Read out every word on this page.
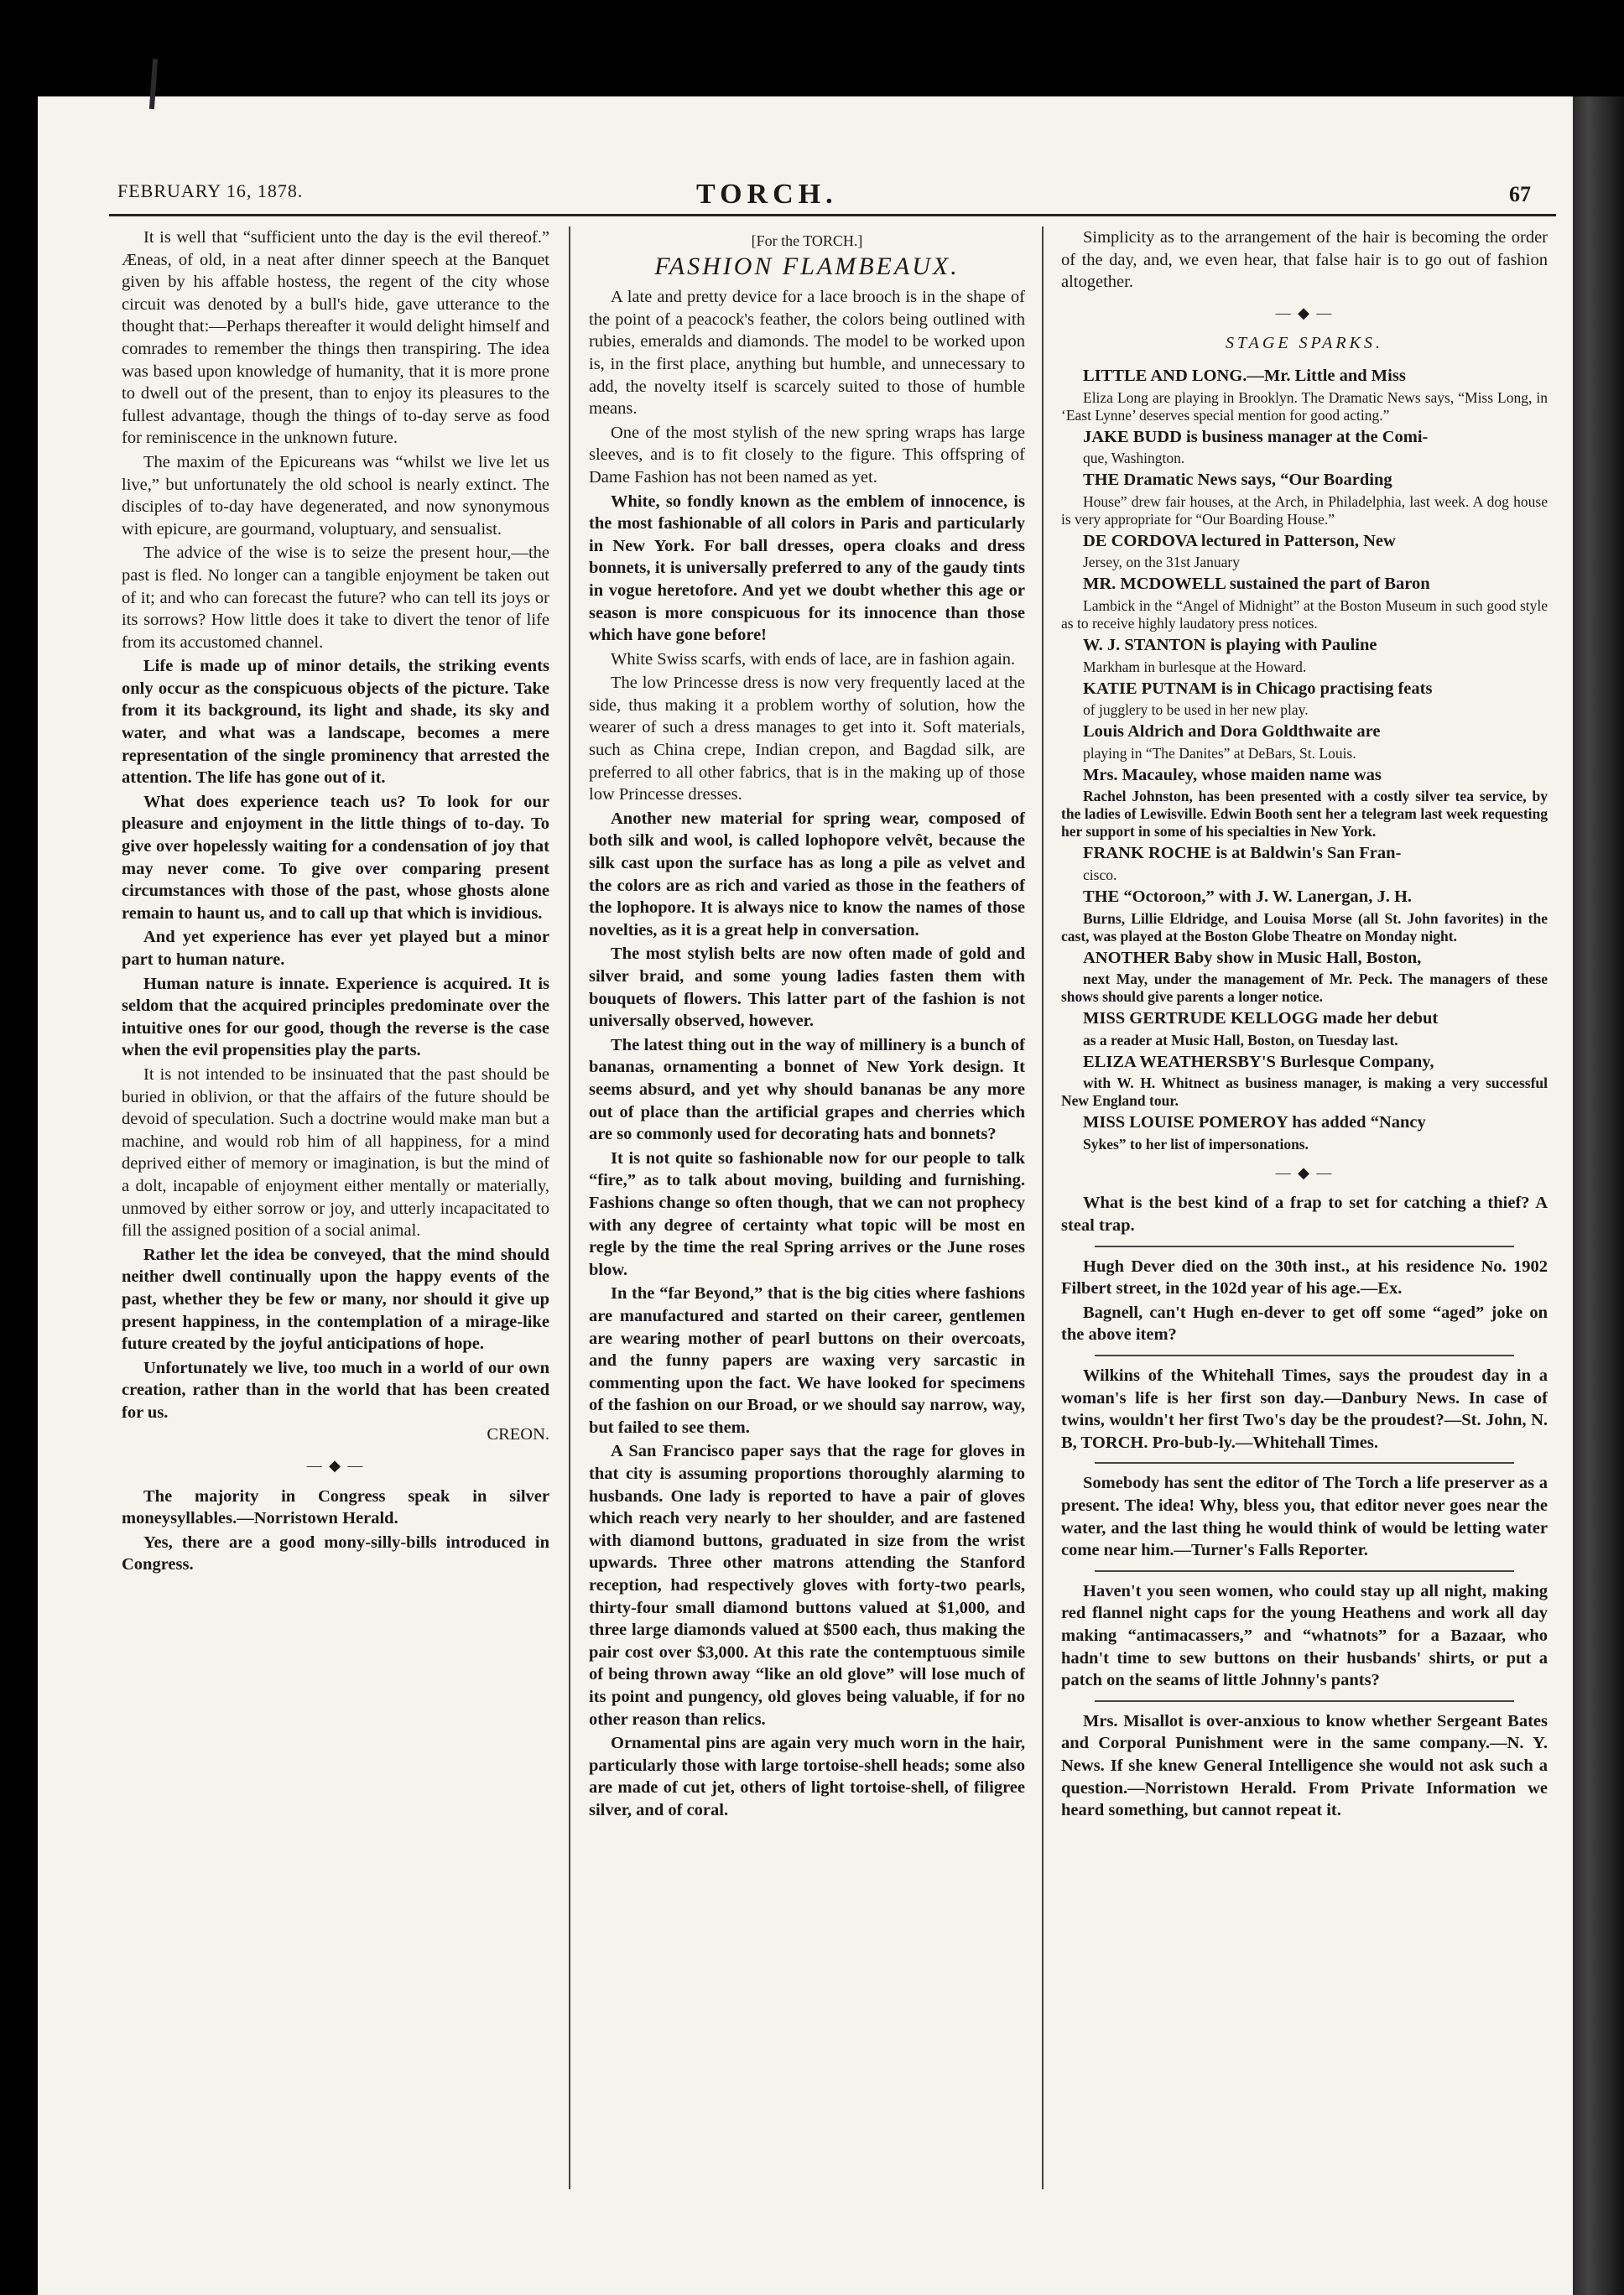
FEBRUARY 16, 1878.	TORCH.	67

It is well that “sufficient unto the day is the evil thereof.” Æneas, of old, in a neat after dinner speech at the Banquet given by his affable hostess, the regent of the city whose circuit was denoted by a bull's hide, gave utterance to the thought that:—Perhaps thereafter it would delight himself and comrades to remember the things then transpiring. The idea was based upon knowledge of humanity, that it is more prone to dwell out of the present, than to enjoy its pleasures to the fullest advantage, though the things of to-day serve as food for reminiscence in the unknown future.

The maxim of the Epicureans was “whilst we live let us live,” but unfortunately the old school is nearly extinct. The disciples of to-day have degenerated, and now synonymous with epicure, are gourmand, voluptuary, and sensualist.

The advice of the wise is to seize the present hour,—the past is fled. No longer can a tangible enjoyment be taken out of it; and who can forecast the future? who can tell its joys or its sorrows? How little does it take to divert the tenor of life from its accustomed channel.

Life is made up of minor details, the striking events only occur as the conspicuous objects of the picture. Take from it its background, its light and shade, its sky and water, and what was a landscape, becomes a mere representation of the single prominency that arrested the attention. The life has gone out of it.

What does experience teach us? To look for our pleasure and enjoyment in the little things of to-day. To give over hopelessly waiting for a condensation of joy that may never come. To give over comparing present circumstances with those of the past, whose ghosts alone remain to haunt us, and to call up that which is invidious.

And yet experience has ever yet played but a minor part to human nature.

Human nature is innate. Experience is acquired. It is seldom that the acquired principles predominate over the intuitive ones for our good, though the reverse is the case when the evil propensities play the parts.

It is not intended to be insinuated that the past should be buried in oblivion, or that the affairs of the future should be devoid of speculation. Such a doctrine would make man but a machine, and would rob him of all happiness, for a mind deprived either of memory or imagination, is but the mind of a dolt, incapable of enjoyment either mentally or materially, unmoved by either sorrow or joy, and utterly incapacitated to fill the assigned position of a social animal.

Rather let the idea be conveyed, that the mind should neither dwell continually upon the happy events of the past, whether they be few or many, nor should it give up present happiness, in the contemplation of a mirage-like future created by the joyful anticipations of hope.

Unfortunately we live, too much in a world of our own creation, rather than in the world that has been created for us.

CREON.
— ◆ —

The majority in Congress speak in silver moneysyllables.—Norristown Herald.

Yes, there are a good mony-silly-bills introduced in Congress.

[For the TORCH.]

FASHION FLAMBEAUX.

A late and pretty device for a lace brooch is in the shape of the point of a peacock's feather, the colors being outlined with rubies, emeralds and diamonds. The model to be worked upon is, in the first place, anything but humble, and unnecessary to add, the novelty itself is scarcely suited to those of humble means.

One of the most stylish of the new spring wraps has large sleeves, and is to fit closely to the figure. This offspring of Dame Fashion has not been named as yet.

White, so fondly known as the emblem of innocence, is the most fashionable of all colors in Paris and particularly in New York. For ball dresses, opera cloaks and dress bonnets, it is universally preferred to any of the gaudy tints in vogue heretofore. And yet we doubt whether this age or season is more conspicuous for its innocence than those which have gone before!

White Swiss scarfs, with ends of lace, are in fashion again.

The low Princesse dress is now very frequently laced at the side, thus making it a problem worthy of solution, how the wearer of such a dress manages to get into it. Soft materials, such as China crepe, Indian crepon, and Bagdad silk, are preferred to all other fabrics, that is in the making up of those low Princesse dresses.

Another new material for spring wear, composed of both silk and wool, is called lophopore velvêt, because the silk cast upon the surface has as long a pile as velvet and the colors are as rich and varied as those in the feathers of the lophopore. It is always nice to know the names of those novelties, as it is a great help in conversation.

The most stylish belts are now often made of gold and silver braid, and some young ladies fasten them with bouquets of flowers. This latter part of the fashion is not universally observed, however.

The latest thing out in the way of millinery is a bunch of bananas, ornamenting a bonnet of New York design. It seems absurd, and yet why should bananas be any more out of place than the artificial grapes and cherries which are so commonly used for decorating hats and bonnets?

It is not quite so fashionable now for our people to talk “fire,” as to talk about moving, building and furnishing. Fashions change so often though, that we can not prophecy with any degree of certainty what topic will be most en regle by the time the real Spring arrives or the June roses blow.

In the “far Beyond,” that is the big cities where fashions are manufactured and started on their career, gentlemen are wearing mother of pearl buttons on their overcoats, and the funny papers are waxing very sarcastic in commenting upon the fact. We have looked for specimens of the fashion on our Broad, or we should say narrow, way, but failed to see them.

A San Francisco paper says that the rage for gloves in that city is assuming proportions thoroughly alarming to husbands. One lady is reported to have a pair of gloves which reach very nearly to her shoulder, and are fastened with diamond buttons, graduated in size from the wrist upwards. Three other matrons attending the Stanford reception, had respectively gloves with forty-two pearls, thirty-four small diamond buttons valued at $1,000, and three large diamonds valued at $500 each, thus making the pair cost over $3,000. At this rate the contemptuous simile of being thrown away “like an old glove” will lose much of its point and pungency, old gloves being valuable, if for no other reason than relics.

Ornamental pins are again very much worn in the hair, particularly those with large tortoise-shell heads; some also are made of cut jet, others of light tortoise-shell, of filigree silver, and of coral.

Simplicity as to the arrangement of the hair is becoming the order of the day, and, we even hear, that false hair is to go out of fashion altogether.

— ◆ —

STAGE SPARKS.

LITTLE AND LONG.—Mr. Little and Miss

Eliza Long are playing in Brooklyn. The Dramatic News says, “Miss Long, in ‘East Lynne’ deserves special mention for good acting.”

JAKE BUDD is business manager at the Comi-

que, Washington.

THE Dramatic News says, “Our Boarding

House” drew fair houses, at the Arch, in Philadelphia, last week. A dog house is very appropriate for “Our Boarding House.”

DE CORDOVA lectured in Patterson, New

Jersey, on the 31st January

MR. MCDOWELL sustained the part of Baron

Lambick in the “Angel of Midnight” at the Boston Museum in such good style as to receive highly laudatory press notices.

W. J. STANTON is playing with Pauline

Markham in burlesque at the Howard.

KATIE PUTNAM is in Chicago practising feats

of jugglery to be used in her new play.

Louis Aldrich and Dora Goldthwaite are

playing in “The Danites” at DeBars, St. Louis.

Mrs. Macauley, whose maiden name was

Rachel Johnston, has been presented with a costly silver tea service, by the ladies of Lewisville. Edwin Booth sent her a telegram last week requesting her support in some of his specialties in New York.

FRANK ROCHE is at Baldwin's San Fran-

cisco.

THE “Octoroon,” with J. W. Lanergan, J. H.

Burns, Lillie Eldridge, and Louisa Morse (all St. John favorites) in the cast, was played at the Boston Globe Theatre on Monday night.

ANOTHER Baby show in Music Hall, Boston,

next May, under the management of Mr. Peck. The managers of these shows should give parents a longer notice.

MISS GERTRUDE KELLOGG made her debut

as a reader at Music Hall, Boston, on Tuesday last.

ELIZA WEATHERSBY'S Burlesque Company,

with W. H. Whitnect as business manager, is making a very successful New England tour.

MISS LOUISE POMEROY has added “Nancy

Sykes” to her list of impersonations.

— ◆ —

What is the best kind of a frap to set for catching a thief? A steal trap.

Hugh Dever died on the 30th inst., at his residence No. 1902 Filbert street, in the 102d year of his age.—Ex.

Bagnell, can't Hugh en-dever to get off some “aged” joke on the above item?

Wilkins of the Whitehall Times, says the proudest day in a woman's life is her first son day.—Danbury News. In case of twins, wouldn't her first Two's day be the proudest?—St. John, N. B, TORCH. Pro-bub-ly.—Whitehall Times.

Somebody has sent the editor of The Torch a life preserver as a present. The idea! Why, bless you, that editor never goes near the water, and the last thing he would think of would be letting water come near him.—Turner's Falls Reporter.

Haven't you seen women, who could stay up all night, making red flannel night caps for the young Heathens and work all day making “antimacassers,” and “whatnots” for a Bazaar, who hadn't time to sew buttons on their husbands' shirts, or put a patch on the seams of little Johnny's pants?

Mrs. Misallot is over-anxious to know whether Sergeant Bates and Corporal Punishment were in the same company.—N. Y. News. If she knew General Intelligence she would not ask such a question.—Norristown Herald. From Private Information we heard something, but cannot repeat it.
